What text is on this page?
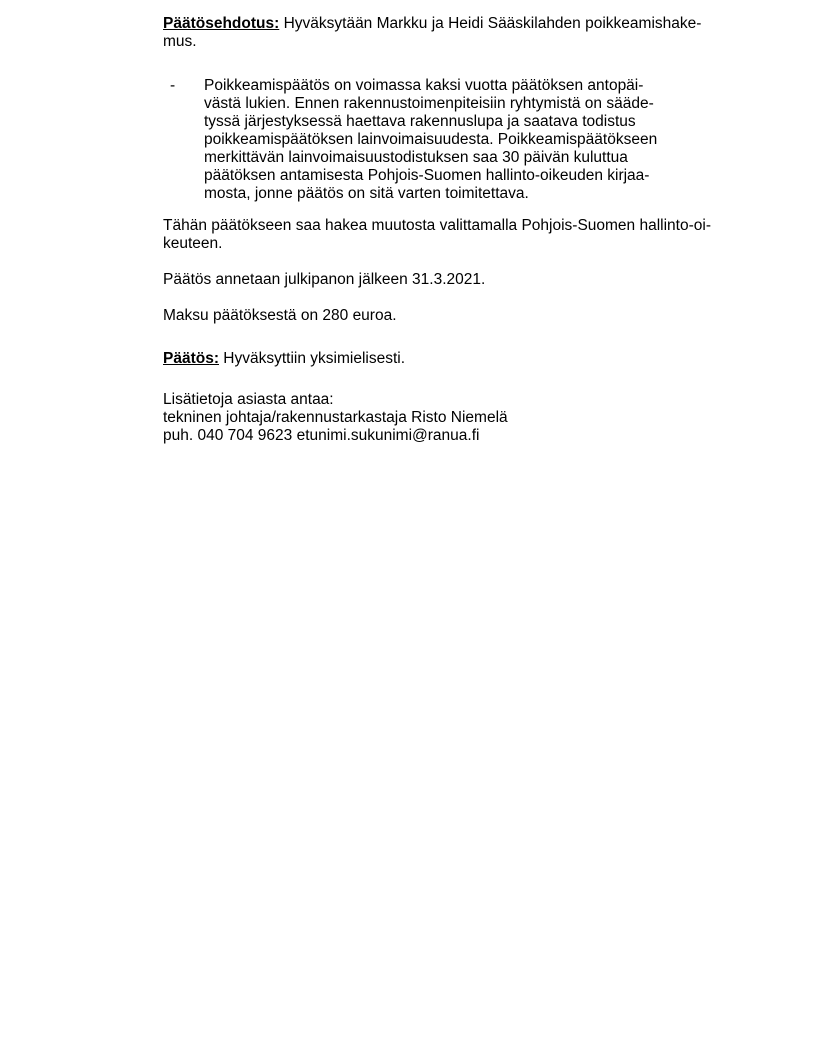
Päätösehdotus: Hyväksytään Markku ja Heidi Sääskilahden poikkeamishake-
mus.
-	Poikkeamispäätös on voimassa kaksi vuotta päätöksen antopäi-
västä lukien. Ennen rakennustoimenpiteisiin ryhtymistä on sääde-
tyssä järjestyksessä haettava rakennuslupa ja saatava todistus
poikkeamispäätöksen lainvoimaisuudesta. Poikkeamispäätökseen
merkittävän lainvoimaisuustodistuksen saa 30 päivän kuluttua
päätöksen antamisesta Pohjois-Suomen hallinto-oikeuden kirjaa-
mosta, jonne päätös on sitä varten toimitettava.
Tähän päätökseen saa hakea muutosta valittamalla Pohjois-Suomen hallinto-oi-
keuteen.
Päätös annetaan julkipanon jälkeen 31.3.2021.
Maksu päätöksestä on 280 euroa.
Päätös: Hyväksyttiin yksimielisesti.
Lisätietoja asiasta antaa:
tekninen johtaja/rakennustarkastaja Risto Niemelä
puh. 040 704 9623 etunimi.sukunimi@ranua.fi
